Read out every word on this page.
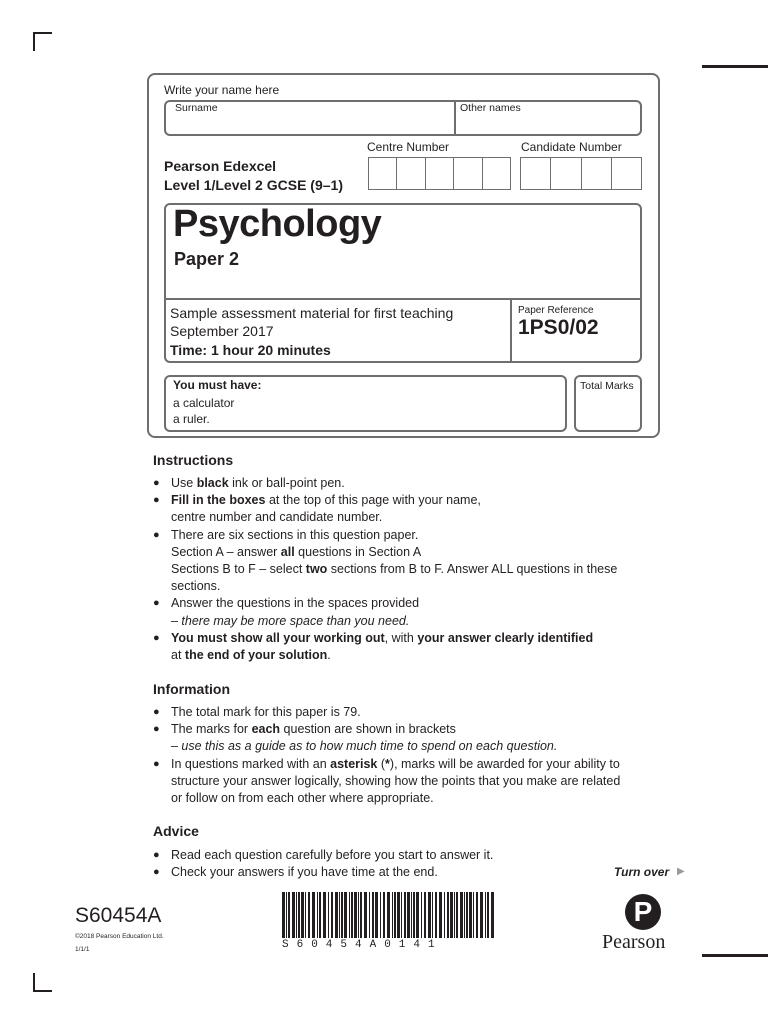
Write your name here
Surname	Other names
Pearson Edexcel
Level 1/Level 2 GCSE (9–1)
Centre Number	Candidate Number
Psychology
Paper 2
Sample assessment material for first teaching
September 2017
Time: 1 hour 20 minutes
Paper Reference
1PS0/02
You must have:
a calculator
a ruler.
Total Marks
Instructions
● Use black ink or ball-point pen.
● Fill in the boxes at the top of this page with your name,
centre number and candidate number.
● There are six sections in this question paper.
Section A – answer all questions in Section A
Sections B to F – select two sections from B to F. Answer ALL questions in these
sections.
● Answer the questions in the spaces provided
– there may be more space than you need.
● You must show all your working out, with your answer clearly identified
at the end of your solution.
Information
● The total mark for this paper is 79.
● The marks for each question are shown in brackets
– use this as a guide as to how much time to spend on each question.
● In questions marked with an asterisk (*), marks will be awarded for your ability to
structure your answer logically, showing how the points that you make are related
or follow on from each other where appropriate.
Advice
● Read each question carefully before you start to answer it.
● Check your answers if you have time at the end.	Turn over ▶
S60454A
©2018 Pearson Education Ltd.
1/1/1	S60454A0141
P
Pearson
